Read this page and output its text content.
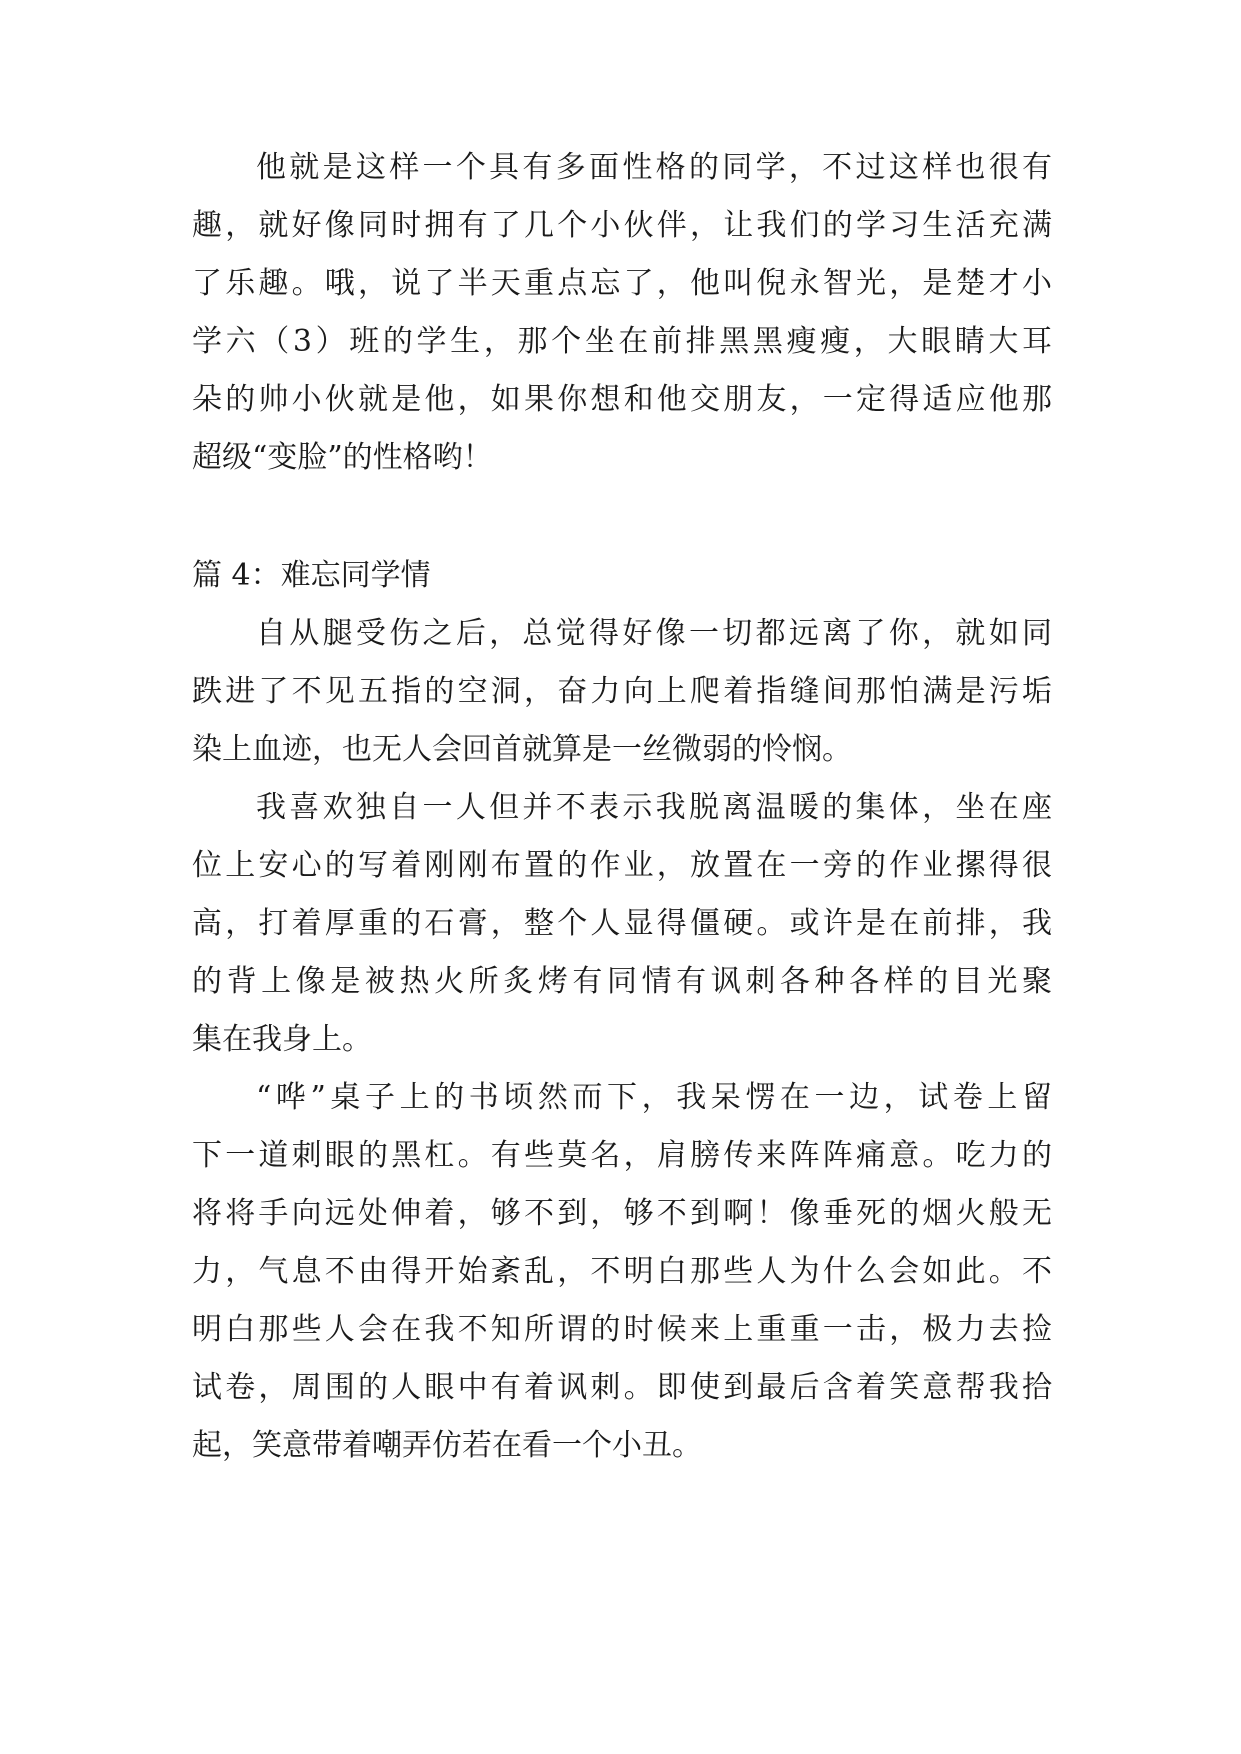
他就是这样一个具有多面性格的同学，不过这样也很有
趣，就好像同时拥有了几个小伙伴，让我们的学习生活充满
了乐趣。哦，说了半天重点忘了，他叫倪永智光，是楚才小
学六（3）班的学生，那个坐在前排黑黑瘦瘦，大眼睛大耳
朵的帅小伙就是他，如果你想和他交朋友，一定得适应他那
超级“变脸”的性格哟！
篇 4：难忘同学情
自从腿受伤之后，总觉得好像一切都远离了你，就如同
跌进了不见五指的空洞，奋力向上爬着指缝间那怕满是污垢
染上血迹，也无人会回首就算是一丝微弱的怜悯。
我喜欢独自一人但并不表示我脱离温暖的集体，坐在座
位上安心的写着刚刚布置的作业，放置在一旁的作业摞得很
高，打着厚重的石膏，整个人显得僵硬。或许是在前排，我
的背上像是被热火所炙烤有同情有讽刺各种各样的目光聚
集在我身上。
“哗”桌子上的书顷然而下，我呆愣在一边，试卷上留
下一道刺眼的黑杠。有些莫名，肩膀传来阵阵痛意。吃力的
将将手向远处伸着，够不到，够不到啊！像垂死的烟火般无
力，气息不由得开始紊乱，不明白那些人为什么会如此。不
明白那些人会在我不知所谓的时候来上重重一击，极力去捡
试卷，周围的人眼中有着讽刺。即使到最后含着笑意帮我拾
起，笑意带着嘲弄仿若在看一个小丑。
